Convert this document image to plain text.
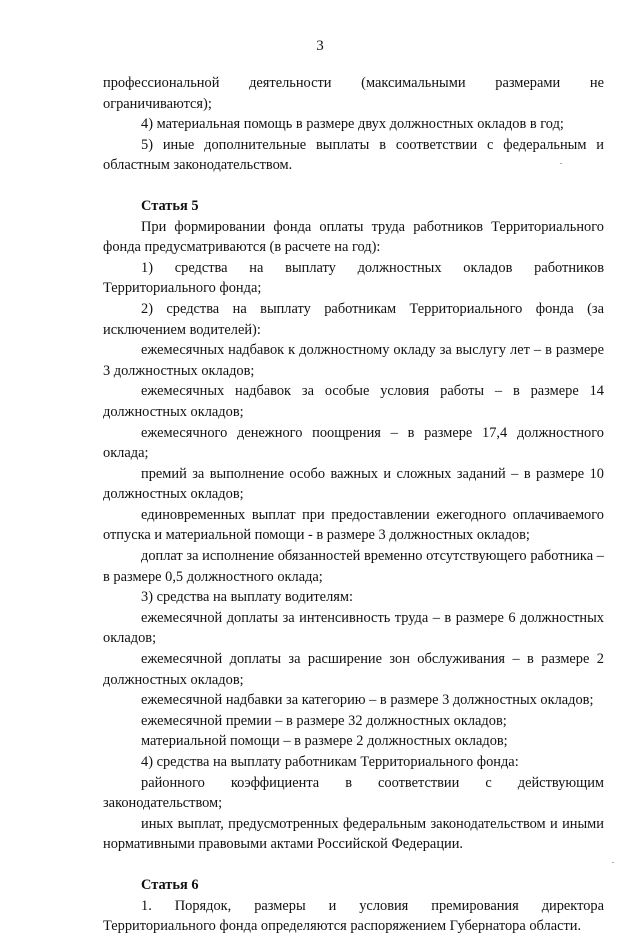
3

профессиональной деятельности (максимальными размерами не ограничиваются);

4) материальная помощь в размере двух должностных окладов в год;

5) иные дополнительные выплаты в соответствии с федеральным и областным законодательством.

Статья 5

При формировании фонда оплаты труда работников Территориального фонда предусматриваются (в расчете на год):

1) средства на выплату должностных окладов работников Территориального фонда;

2) средства на выплату работникам Территориального фонда (за исключением водителей):

ежемесячных надбавок к должностному окладу за выслугу лет – в размере 3 должностных окладов;

ежемесячных надбавок за особые условия работы – в размере 14 должностных окладов;

ежемесячного денежного поощрения – в размере 17,4 должностного оклада;

премий за выполнение особо важных и сложных заданий – в размере 10 должностных окладов;

единовременных выплат при предоставлении ежегодного оплачиваемого отпуска и материальной помощи - в размере 3 должностных окладов;

доплат за исполнение обязанностей временно отсутствующего работника – в размере 0,5 должностного оклада;

3) средства на выплату водителям:

ежемесячной доплаты за интенсивность труда – в размере 6 должностных окладов;

ежемесячной доплаты за расширение зон обслуживания – в размере 2 должностных окладов;

ежемесячной надбавки за категорию – в размере 3 должностных окладов;

ежемесячной премии – в размере 32 должностных окладов;

материальной помощи – в размере 2 должностных окладов;

4) средства на выплату работникам Территориального фонда:

районного коэффициента в соответствии с действующим законодательством;

иных выплат, предусмотренных федеральным законодательством и иными нормативными правовыми актами Российской Федерации.

Статья 6

1. Порядок, размеры и условия премирования директора Территориального фонда определяются распоряжением Губернатора области.
